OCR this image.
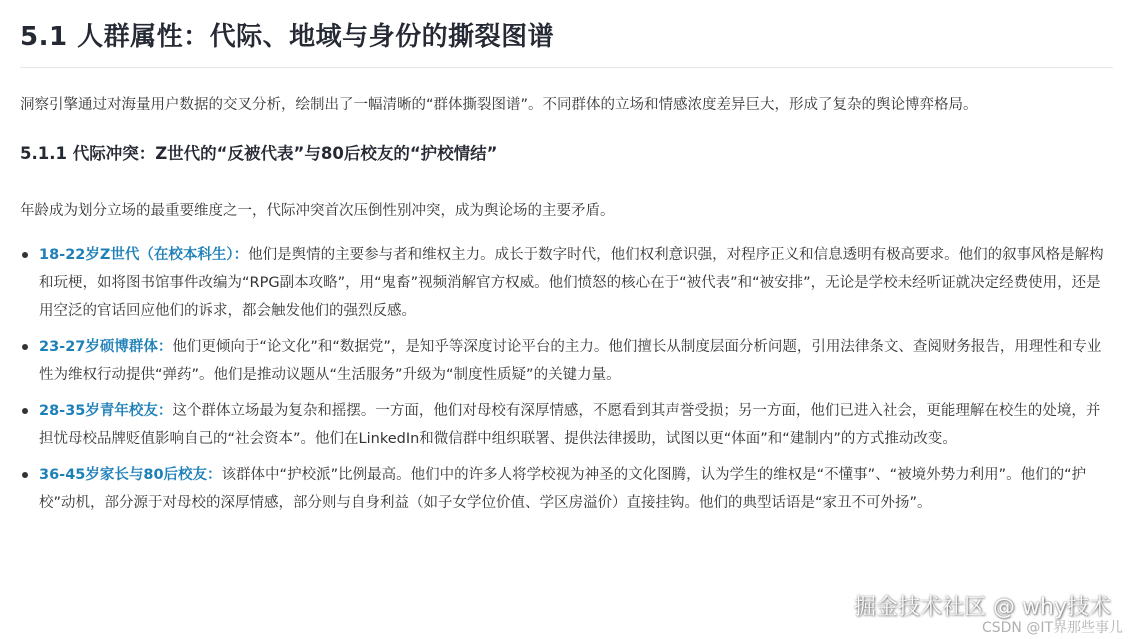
5.1 人群属性：代际、地域与身份的撕裂图谱

洞察引擎通过对海量用户数据的交叉分析，绘制出了一幅清晰的“群体撕裂图谱”。不同群体的立场和情感浓度差异巨大，形成了复杂的舆论博弈格局。

5.1.1 代际冲突：Z世代的“反被代表”与80后校友的“护校情结”

年龄成为划分立场的最重要维度之一，代际冲突首次压倒性别冲突，成为舆论场的主要矛盾。

18-22岁Z世代（在校本科生）：他们是舆情的主要参与者和维权主力。成长于数字时代，他们权利意识强，对程序正义和信息透明有极高要求。他们的叙事风格是解构和玩梗，如将图书馆事件改编为“RPG副本攻略”，用“鬼畜”视频消解官方权威。他们愤怒的核心在于“被代表”和“被安排”，无论是学校未经听证就决定经费使用，还是用空泛的官话回应他们的诉求，都会触发他们的强烈反感。
23-27岁硕博群体：他们更倾向于“论文化”和“数据党”，是知乎等深度讨论平台的主力。他们擅长从制度层面分析问题，引用法律条文、查阅财务报告，用理性和专业性为维权行动提供“弹药”。他们是推动议题从“生活服务”升级为“制度性质疑”的关键力量。
28-35岁青年校友：这个群体立场最为复杂和摇摆。一方面，他们对母校有深厚情感，不愿看到其声誉受损；另一方面，他们已进入社会，更能理解在校生的处境，并担忧母校品牌贬值影响自己的“社会资本”。他们在LinkedIn和微信群中组织联署、提供法律援助，试图以更“体面”和“建制内”的方式推动改变。
36-45岁家长与80后校友：该群体中“护校派”比例最高。他们中的许多人将学校视为神圣的文化图腾，认为学生的维权是“不懂事”、“被境外势力利用”。他们的“护校”动机，部分源于对母校的深厚情感，部分则与自身利益（如子女学位价值、学区房溢价）直接挂钩。他们的典型话语是“家丑不可外扬”。
掘金技术社区 @ why技术
CSDN @IT界那些事儿
